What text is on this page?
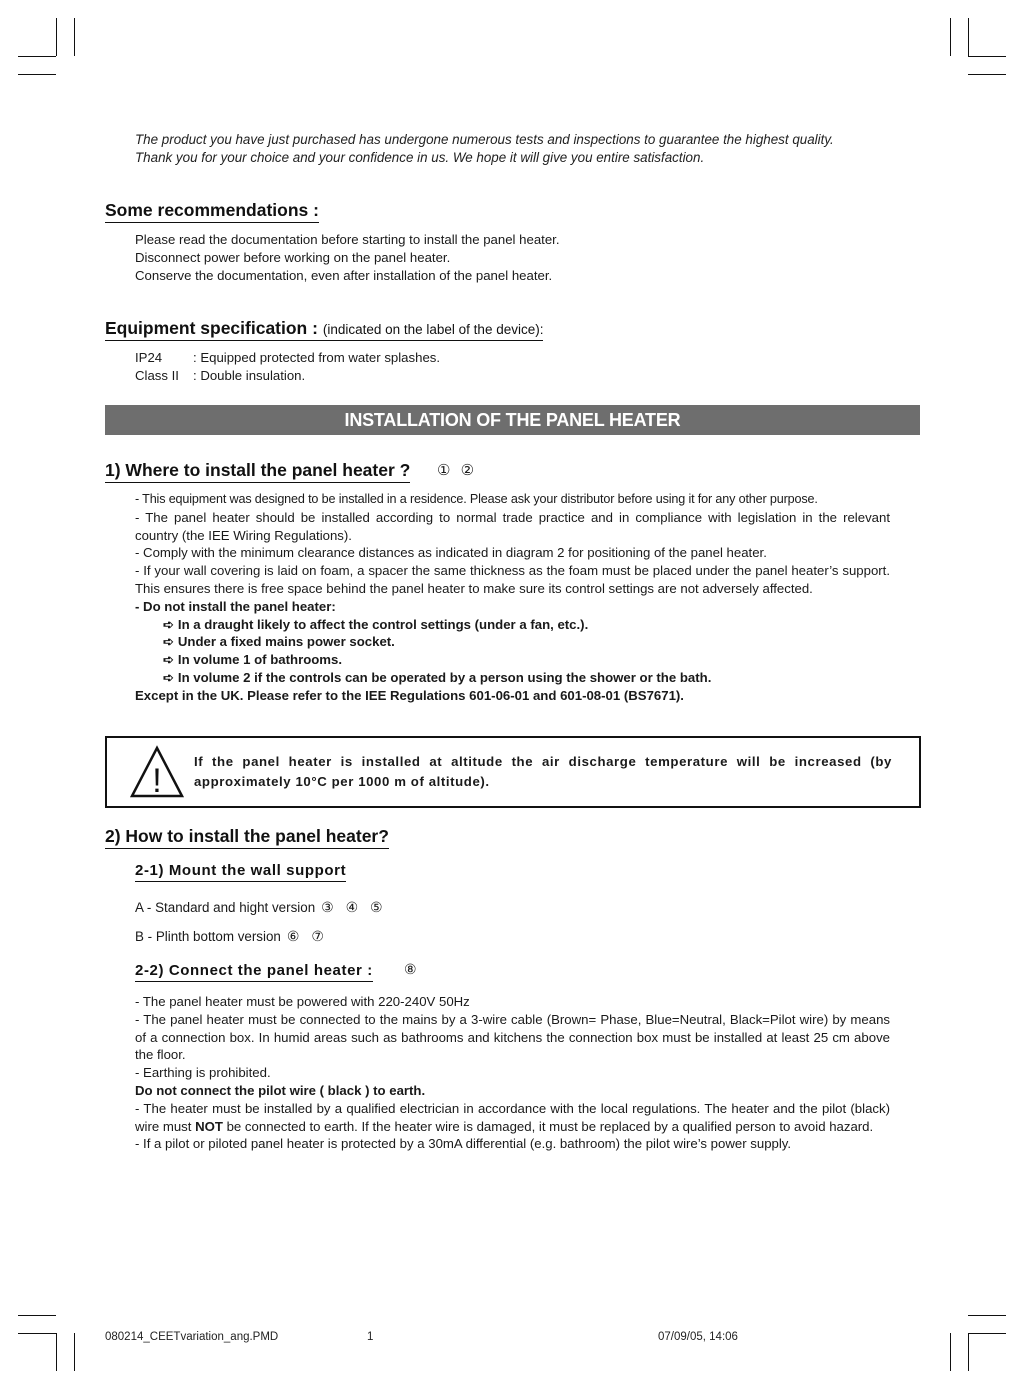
The product you have just purchased has undergone numerous tests and inspections to guarantee the highest quality.
Thank you for your choice and your confidence in us. We hope it will give you entire satisfaction.
Some recommendations :
Please read the documentation before starting to install the panel heater.
Disconnect power before working on the panel heater.
Conserve the documentation, even after installation of the panel heater.
Equipment specification : (indicated on the label of the device):
IP24 : Equipped protected from water splashes.
Class II : Double insulation.
INSTALLATION OF THE PANEL HEATER
1) Where to install the panel heater ? ① ②
- This equipment was designed to be installed in a residence. Please ask your distributor before using it for any other purpose.
- The panel heater should be installed according to normal trade practice and in compliance with legislation in the relevant country (the IEE Wiring Regulations).
- Comply with the minimum clearance distances as indicated in diagram 2 for positioning of the panel heater.
- If your wall covering is laid on foam, a spacer the same thickness as the foam must be placed under the panel heater’s support. This ensures there is free space behind the panel heater to make sure its control settings are not adversely affected.
- Do not install the panel heater:
➪ In a draught likely to affect the control settings (under a fan, etc.).
➪ Under a fixed mains power socket.
➪ In volume 1 of bathrooms.
➪ In volume 2 if the controls can be operated by a person using the shower or the bath.
Except in the UK. Please refer to the IEE Regulations 601-06-01 and 601-08-01 (BS7671).
!
If the panel heater is installed at altitude the air discharge temperature will be increased (by approximately 10°C per 1000 m of altitude).
2) How to install the panel heater?
2-1) Mount the wall support
A - Standard and hight version ③ ④ ⑤
B - Plinth bottom version ⑥ ⑦
2-2) Connect the panel heater : ⑧
- The panel heater must be powered with 220-240V 50Hz
- The panel heater must be connected to the mains by a 3-wire cable (Brown= Phase, Blue=Neutral, Black=Pilot wire) by means of a connection box. In humid areas such as bathrooms and kitchens the connection box must be installed at least 25 cm above the floor.
- Earthing is prohibited.
Do not connect the pilot wire ( black ) to earth.
- The heater must be installed by a qualified electrician in accordance with the local regulations. The heater and the pilot (black) wire must NOT be connected to earth. If the heater wire is damaged, it must be replaced by a qualified person to avoid hazard.
- If a pilot or piloted panel heater is protected by a 30mA differential (e.g. bathroom) the pilot wire’s power supply.
080214_CEETvariation_ang.PMD	1	07/09/05, 14:06
